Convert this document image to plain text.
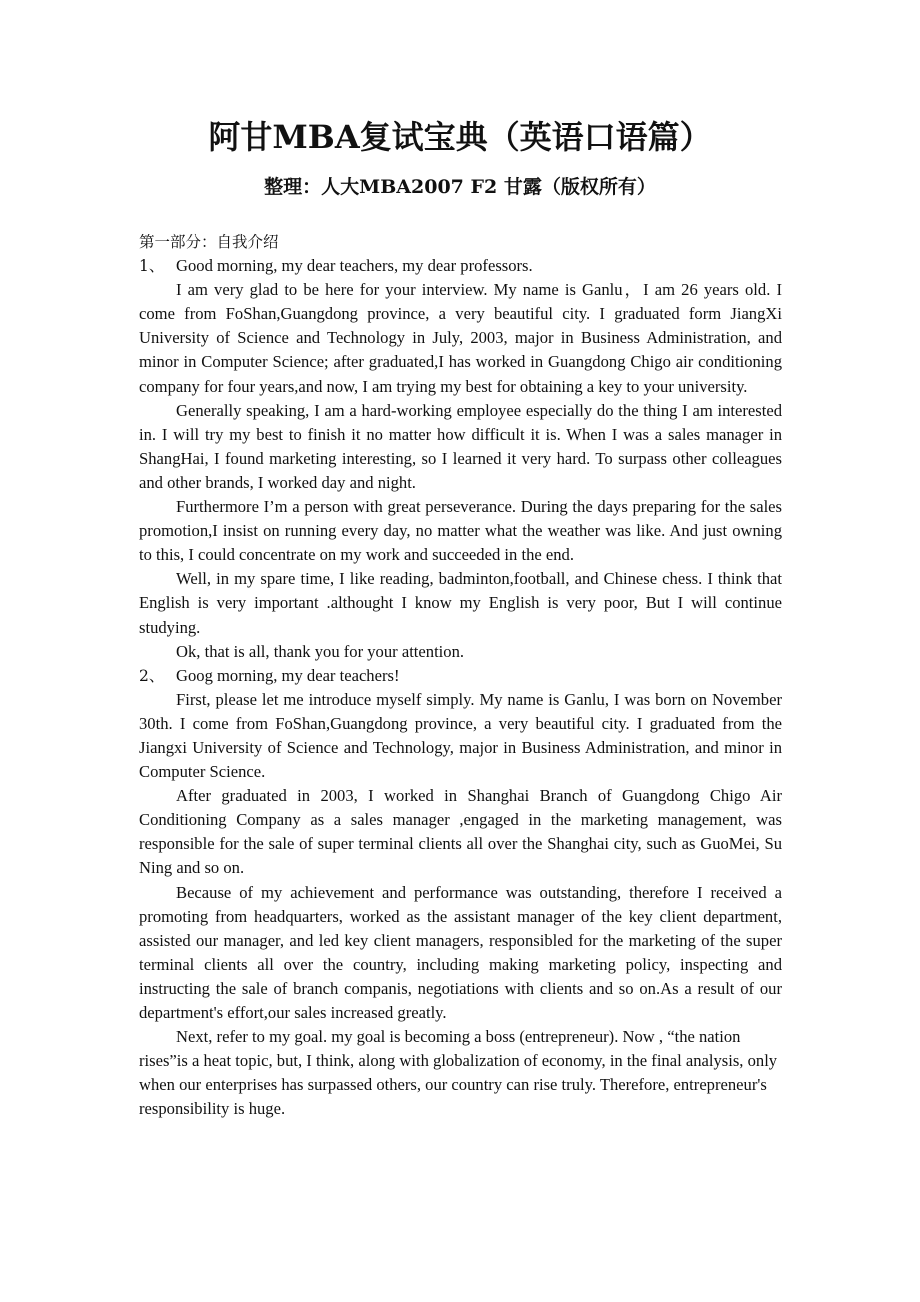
阿甘MBA复试宝典（英语口语篇）
整理：人大MBA2007 F2 甘露（版权所有）

第一部分：自我介绍

1、 Good morning, my dear teachers, my dear professors.

I am very glad to be here for your interview. My name is Ganlu，I am 26 years old. I come from FoShan,Guangdong province, a very beautiful city. I graduated form JiangXi University of Science and Technology in July, 2003, major in Business Administration, and minor in Computer Science; after graduated,I has worked in Guangdong Chigo air conditioning company for four years,and now, I am trying my best for obtaining a key to your university.

Generally speaking, I am a hard-working employee especially do the thing I am interested in. I will try my best to finish it no matter how difficult it is. When I was a sales manager in ShangHai, I found marketing interesting, so I learned it very hard. To surpass other colleagues and other brands, I worked day and night.

Furthermore I’m a person with great perseverance. During the days preparing for the sales promotion,I insist on running every day, no matter what the weather was like. And just owning to this, I could concentrate on my work and succeeded in the end.

Well, in my spare time, I like reading, badminton,football, and Chinese chess. I think that English is very important .althought I know my English is very poor, But I will continue studying.

Ok, that is all, thank you for your attention.

2、 Goog morning, my dear teachers!

First, please let me introduce myself simply. My name is Ganlu, I was born on November 30th. I come from FoShan,Guangdong province, a very beautiful city. I graduated from the Jiangxi University of Science and Technology, major in Business Administration, and minor in Computer Science.

After graduated in 2003, I worked in Shanghai Branch of Guangdong Chigo Air Conditioning Company as a sales manager ,engaged in the marketing management, was responsible for the sale of super terminal clients all over the Shanghai city, such as GuoMei, Su Ning and so on.

Because of my achievement and performance was outstanding, therefore I received a promoting from headquarters, worked as the assistant manager of the key client department, assisted our manager, and led key client managers, responsibled for the marketing of the super terminal clients all over the country, including making marketing policy, inspecting and instructing the sale of branch companis, negotiations with clients and so on.As a result of our department's effort,our sales increased greatly.

Next, refer to my goal. my goal is becoming a boss (entrepreneur). Now , “the nation rises”is a heat topic, but, I think, along with globalization of economy, in the final analysis, only when our enterprises has surpassed others, our country can rise truly. Therefore, entrepreneur's responsibility is huge.
